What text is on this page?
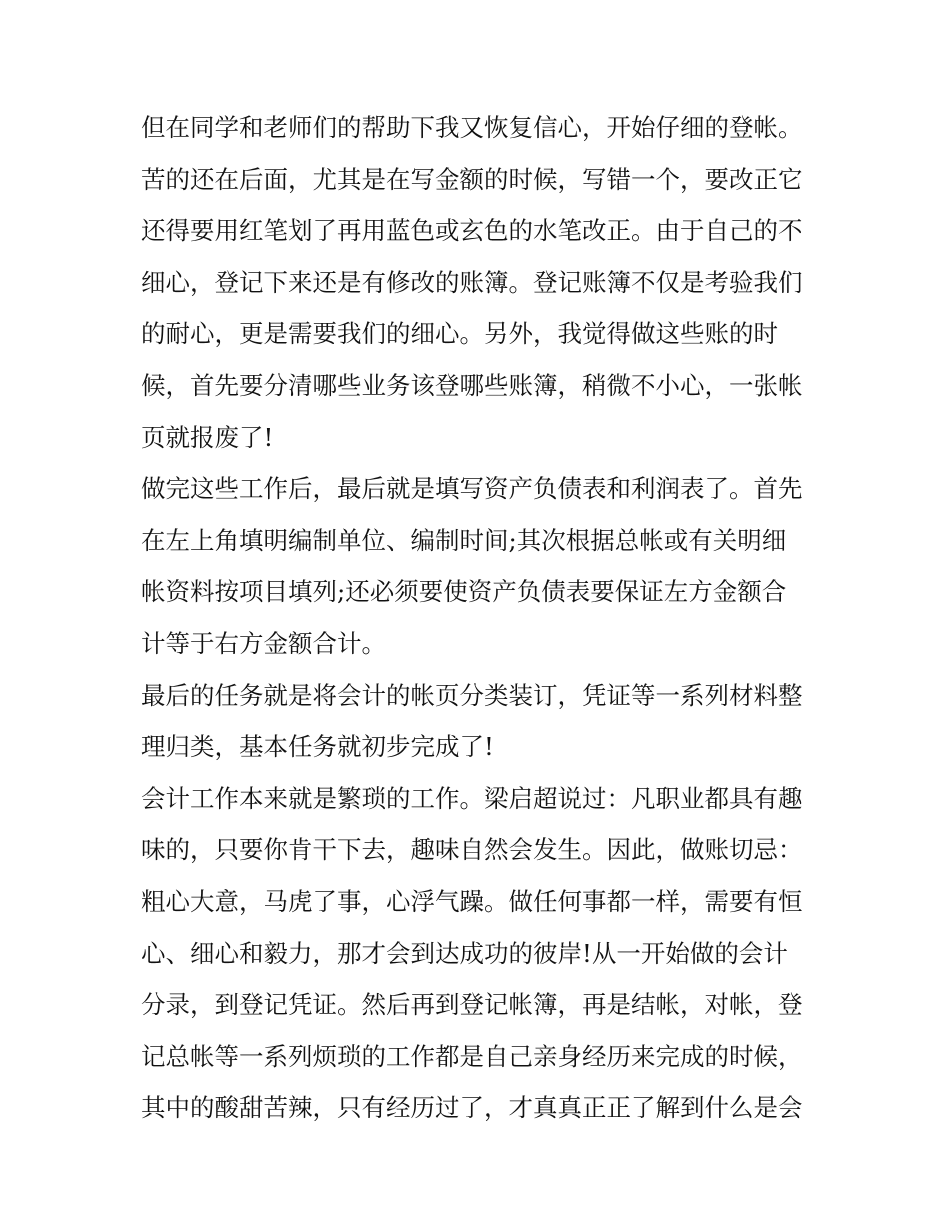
但在同学和老师们的帮助下我又恢复信心，开始仔细的登帐。
苦的还在后面，尤其是在写金额的时候，写错一个，要改正它
还得要用红笔划了再用蓝色或玄色的水笔改正。由于自己的不
细心，登记下来还是有修改的账簿。登记账簿不仅是考验我们
的耐心，更是需要我们的细心。另外，我觉得做这些账的时
候，首先要分清哪些业务该登哪些账簿，稍微不小心，一张帐
页就报废了!
做完这些工作后，最后就是填写资产负债表和利润表了。首先
在左上角填明编制单位、编制时间;其次根据总帐或有关明细
帐资料按项目填列;还必须要使资产负债表要保证左方金额合
计等于右方金额合计。
最后的任务就是将会计的帐页分类装订，凭证等一系列材料整
理归类，基本任务就初步完成了!
会计工作本来就是繁琐的工作。梁启超说过：凡职业都具有趣
味的，只要你肯干下去，趣味自然会发生。因此，做账切忌：
粗心大意，马虎了事，心浮气躁。做任何事都一样，需要有恒
心、细心和毅力，那才会到达成功的彼岸!从一开始做的会计
分录，到登记凭证。然后再到登记帐簿，再是结帐，对帐，登
记总帐等一系列烦琐的工作都是自己亲身经历来完成的时候，
其中的酸甜苦辣，只有经历过了，才真真正正了解到什么是会
